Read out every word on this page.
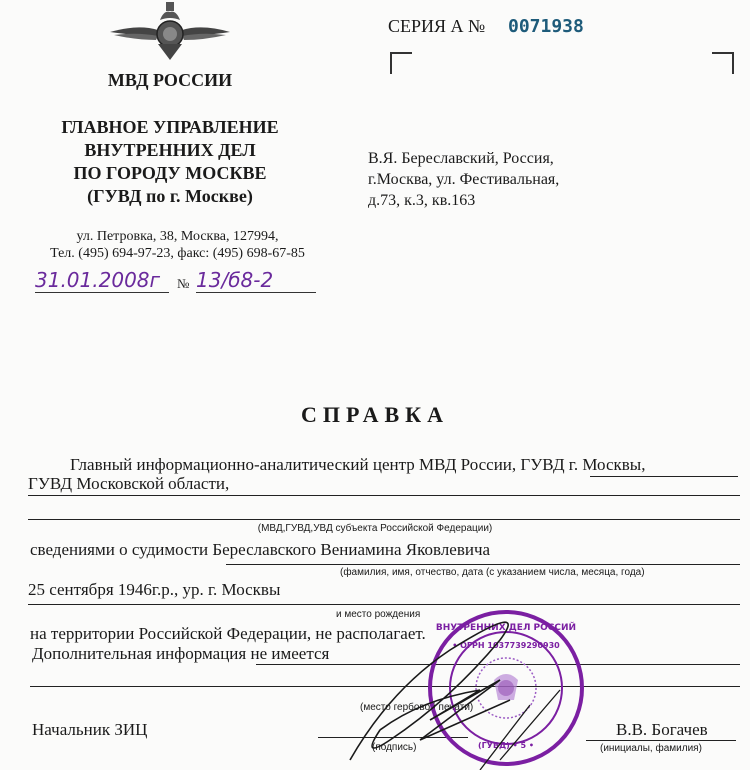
МВД РОССИИ
ГЛАВНОЕ УПРАВЛЕНИЕ
ВНУТРЕННИХ ДЕЛ
ПО ГОРОДУ МОСКВЕ
(ГУВД по г. Москве)
ул. Петровка, 38, Москва, 127994,
Тел. (495) 694-97-23, факс: (495) 698-67-85
31.01.2008г	№ 13/б8-2
СЕРИЯ А № 0071938
В.Я. Береславский, Россия,
г.Москва, ул. Фестивальная,
д.73, к.3, кв.163
СПРАВКА
Главный информационно-аналитический центр МВД России, ГУВД г. Москвы,
ГУВД Московской области,
(МВД,ГУВД,УВД субъекта Российской Федерации)
сведениями о судимости Береславского Вениамина Яковлевича
(фамилия, имя, отчество, дата (с указанием числа, месяца, года)
25 сентября 1946г.р., ур. г. Москвы
и место рождения
на территории Российской Федерации, не располагает.
Дополнительная информация не имеется
(место гербовой печати)
Начальник ЗИЦ
(подпись)
В.В. Богачев
(инициалы, фамилия)
ВНУТРЕННИХ ДЕЛ РОССИЙ
• ОГРН 1037739290930
(ГУВД) • 5 •
